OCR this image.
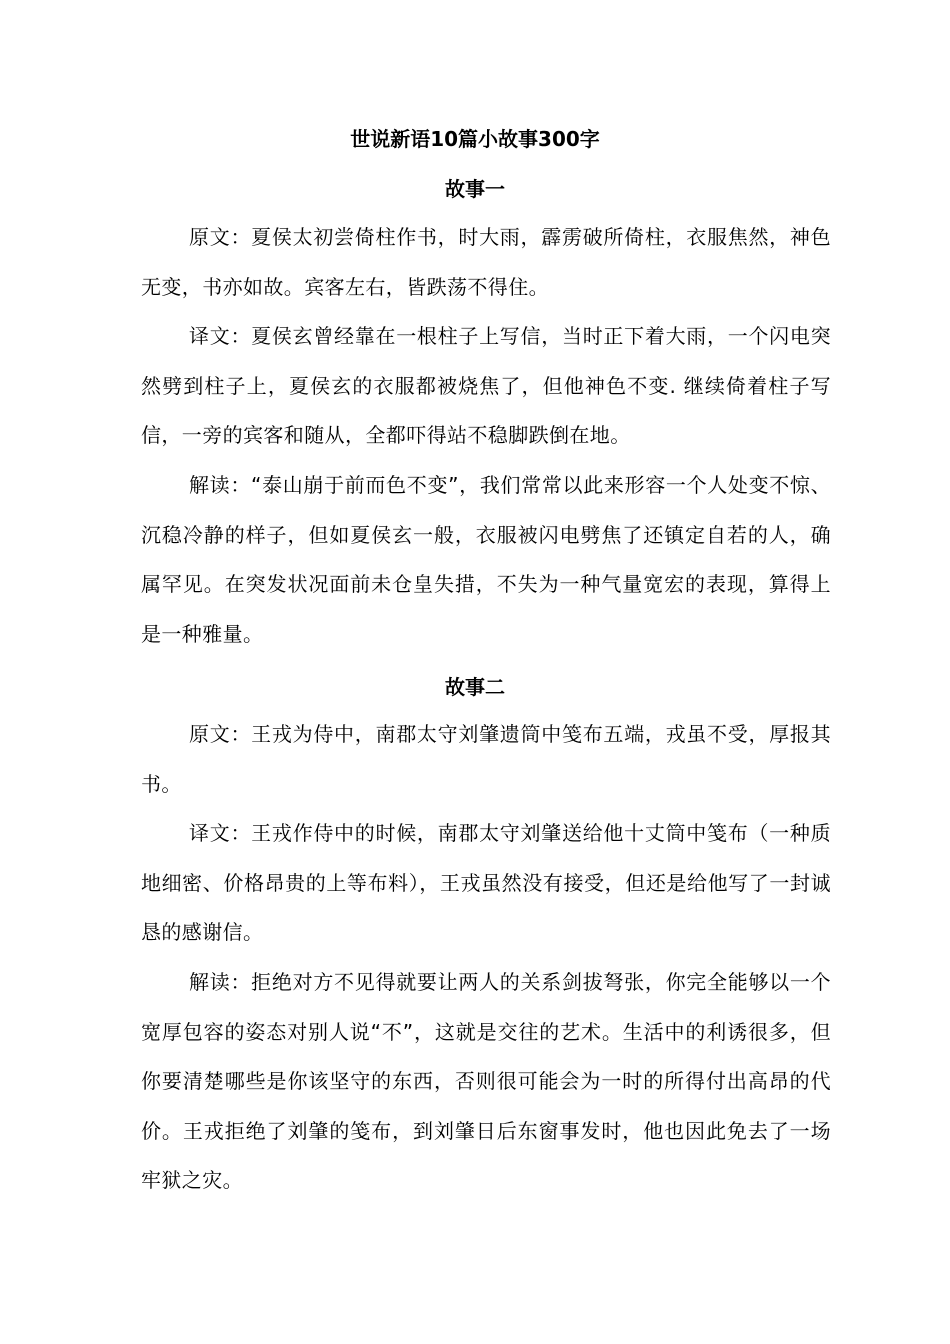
世说新语10篇小故事300字
故事一

原文：夏侯太初尝倚柱作书，时大雨，霹雳破所倚柱，衣服焦然，神色无变，书亦如故。宾客左右，皆跌荡不得住。

译文：夏侯玄曾经靠在一根柱子上写信，当时正下着大雨，一个闪电突然劈到柱子上，夏侯玄的衣服都被烧焦了，但他神色不变. 继续倚着柱子写信，一旁的宾客和随从，全都吓得站不稳脚跌倒在地。

解读：“泰山崩于前而色不变”，我们常常以此来形容一个人处变不惊、沉稳冷静的样子，但如夏侯玄一般，衣服被闪电劈焦了还镇定自若的人，确属罕见。在突发状况面前未仓皇失措，不失为一种气量宽宏的表现，算得上是一种雅量。

故事二

原文：王戎为侍中，南郡太守刘肇遗筒中笺布五端，戎虽不受，厚报其书。

译文：王戎作侍中的时候，南郡太守刘肇送给他十丈筒中笺布（一种质地细密、价格昂贵的上等布料），王戎虽然没有接受，但还是给他写了一封诚恳的感谢信。

解读：拒绝对方不见得就要让两人的关系剑拔弩张，你完全能够以一个宽厚包容的姿态对别人说“不”，这就是交往的艺术。生活中的利诱很多，但你要清楚哪些是你该坚守的东西，否则很可能会为一时的所得付出高昂的代价。王戎拒绝了刘肇的笺布，到刘肇日后东窗事发时，他也因此免去了一场牢狱之灾。
